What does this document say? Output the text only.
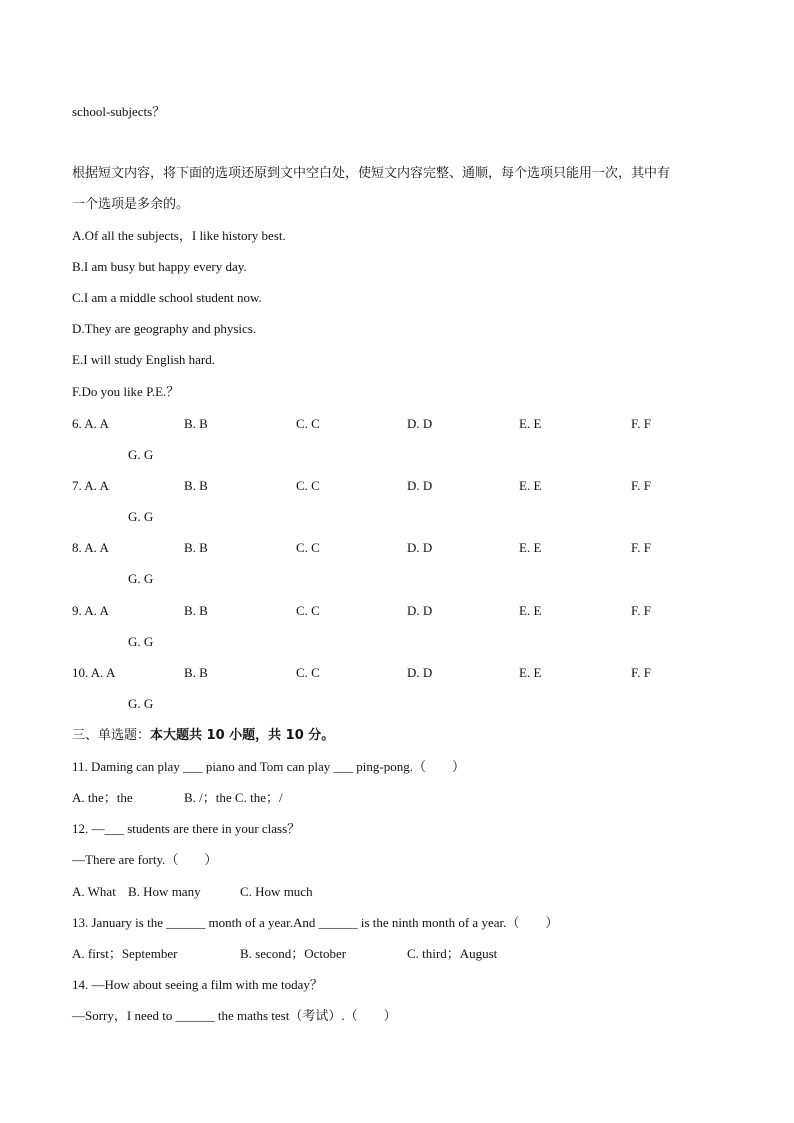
school-subjects？
根据短文内容，将下面的选项还原到文中空白处，使短文内容完整、通顺，每个选项只能用一次，其中有
一个选项是多余的。
A.Of all the subjects，I like history best.
B.I am busy but happy every day.
C.I am a middle school student now.
D.They are geography and physics.
E.I will study English hard.
F.Do you like P.E.？
6. A. A	B. B	C. C	D. D	E. E	F. F
G. G
7. A. A	B. B	C. C	D. D	E. E	F. F
G. G
8. A. A	B. B	C. C	D. D	E. E	F. F
G. G
9. A. A	B. B	C. C	D. D	E. E	F. F
G. G
10. A. A	B. B	C. C	D. D	E. E	F. F
G. G
三、单选题：本大题共 10 小题，共 10 分。
11. Daming can play ___ piano and Tom can play ___ ping-pong.（　　）
A. the；the	B. /；the C. the；/
12. —___ students are there in your class？
—There are forty.（　　）
A. What B. How many	C. How much
13. January is the ______ month of a year.And ______ is the ninth month of a year.（　　）
A. first；September	B. second；October	C. third；August
14. —How about seeing a film with me today？
—Sorry，I need to ______ the maths test（考试）.（　　）
